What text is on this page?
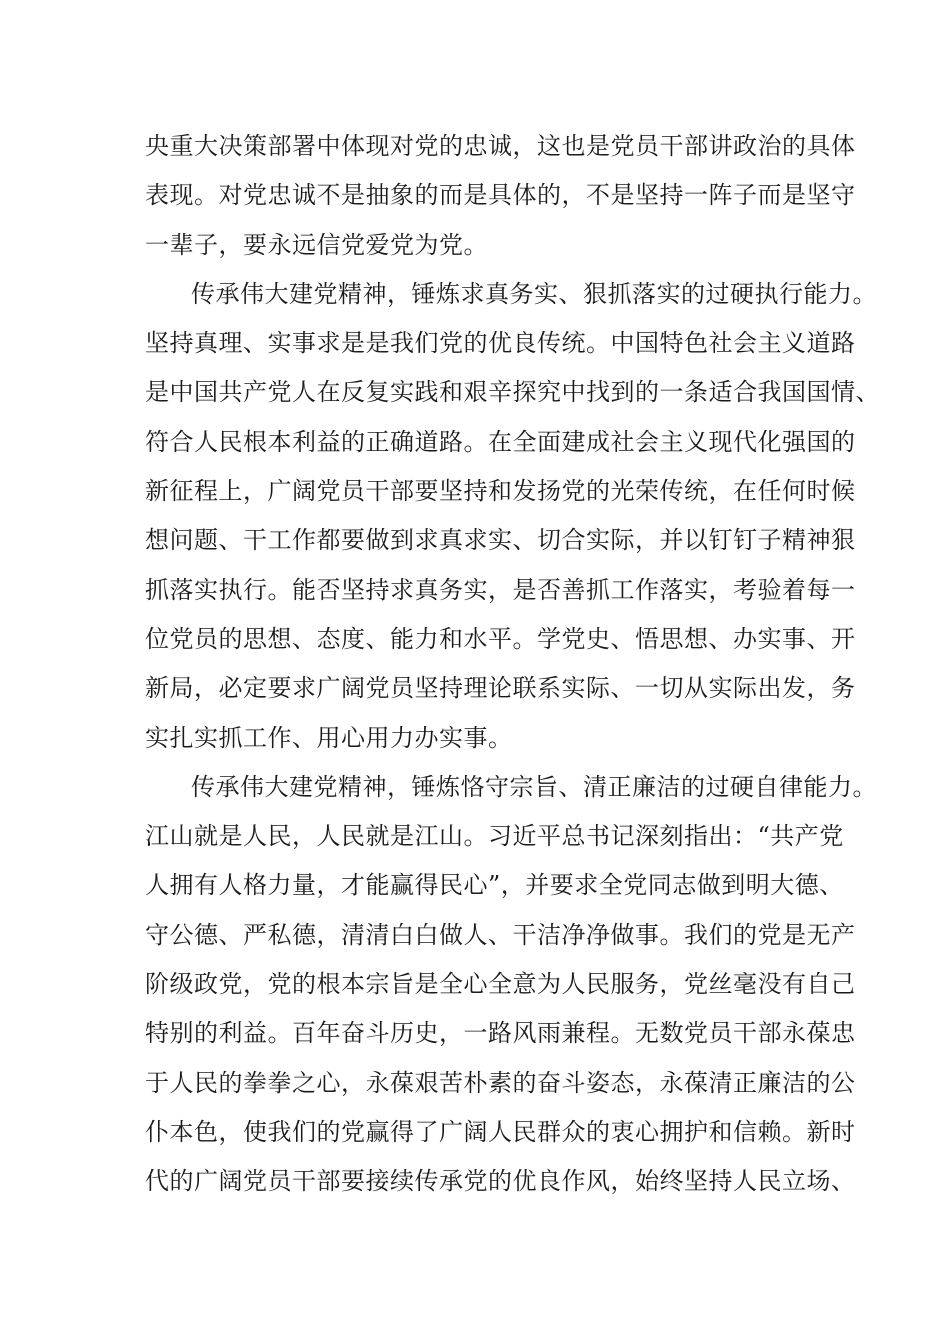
央重大决策部署中体现对党的忠诚，这也是党员干部讲政治的具体
表现。对党忠诚不是抽象的而是具体的，不是坚持一阵子而是坚守
一辈子，要永远信党爱党为党。
传承伟大建党精神，锤炼求真务实、狠抓落实的过硬执行能力。
坚持真理、实事求是是我们党的优良传统。中国特色社会主义道路
是中国共产党人在反复实践和艰辛探究中找到的一条适合我国国情、
符合人民根本利益的正确道路。在全面建成社会主义现代化强国的
新征程上，广阔党员干部要坚持和发扬党的光荣传统，在任何时候
想问题、干工作都要做到求真求实、切合实际，并以钉钉子精神狠
抓落实执行。能否坚持求真务实，是否善抓工作落实，考验着每一
位党员的思想、态度、能力和水平。学党史、悟思想、办实事、开
新局，必定要求广阔党员坚持理论联系实际、一切从实际出发，务
实扎实抓工作、用心用力办实事。
传承伟大建党精神，锤炼恪守宗旨、清正廉洁的过硬自律能力。
江山就是人民，人民就是江山。习近平总书记深刻指出：“共产党
人拥有人格力量，才能赢得民心”，并要求全党同志做到明大德、
守公德、严私德，清清白白做人、干洁净净做事。我们的党是无产
阶级政党，党的根本宗旨是全心全意为人民服务，党丝毫没有自己
特别的利益。百年奋斗历史，一路风雨兼程。无数党员干部永葆忠
于人民的拳拳之心，永葆艰苦朴素的奋斗姿态，永葆清正廉洁的公
仆本色，使我们的党赢得了广阔人民群众的衷心拥护和信赖。新时
代的广阔党员干部要接续传承党的优良作风，始终坚持人民立场、
